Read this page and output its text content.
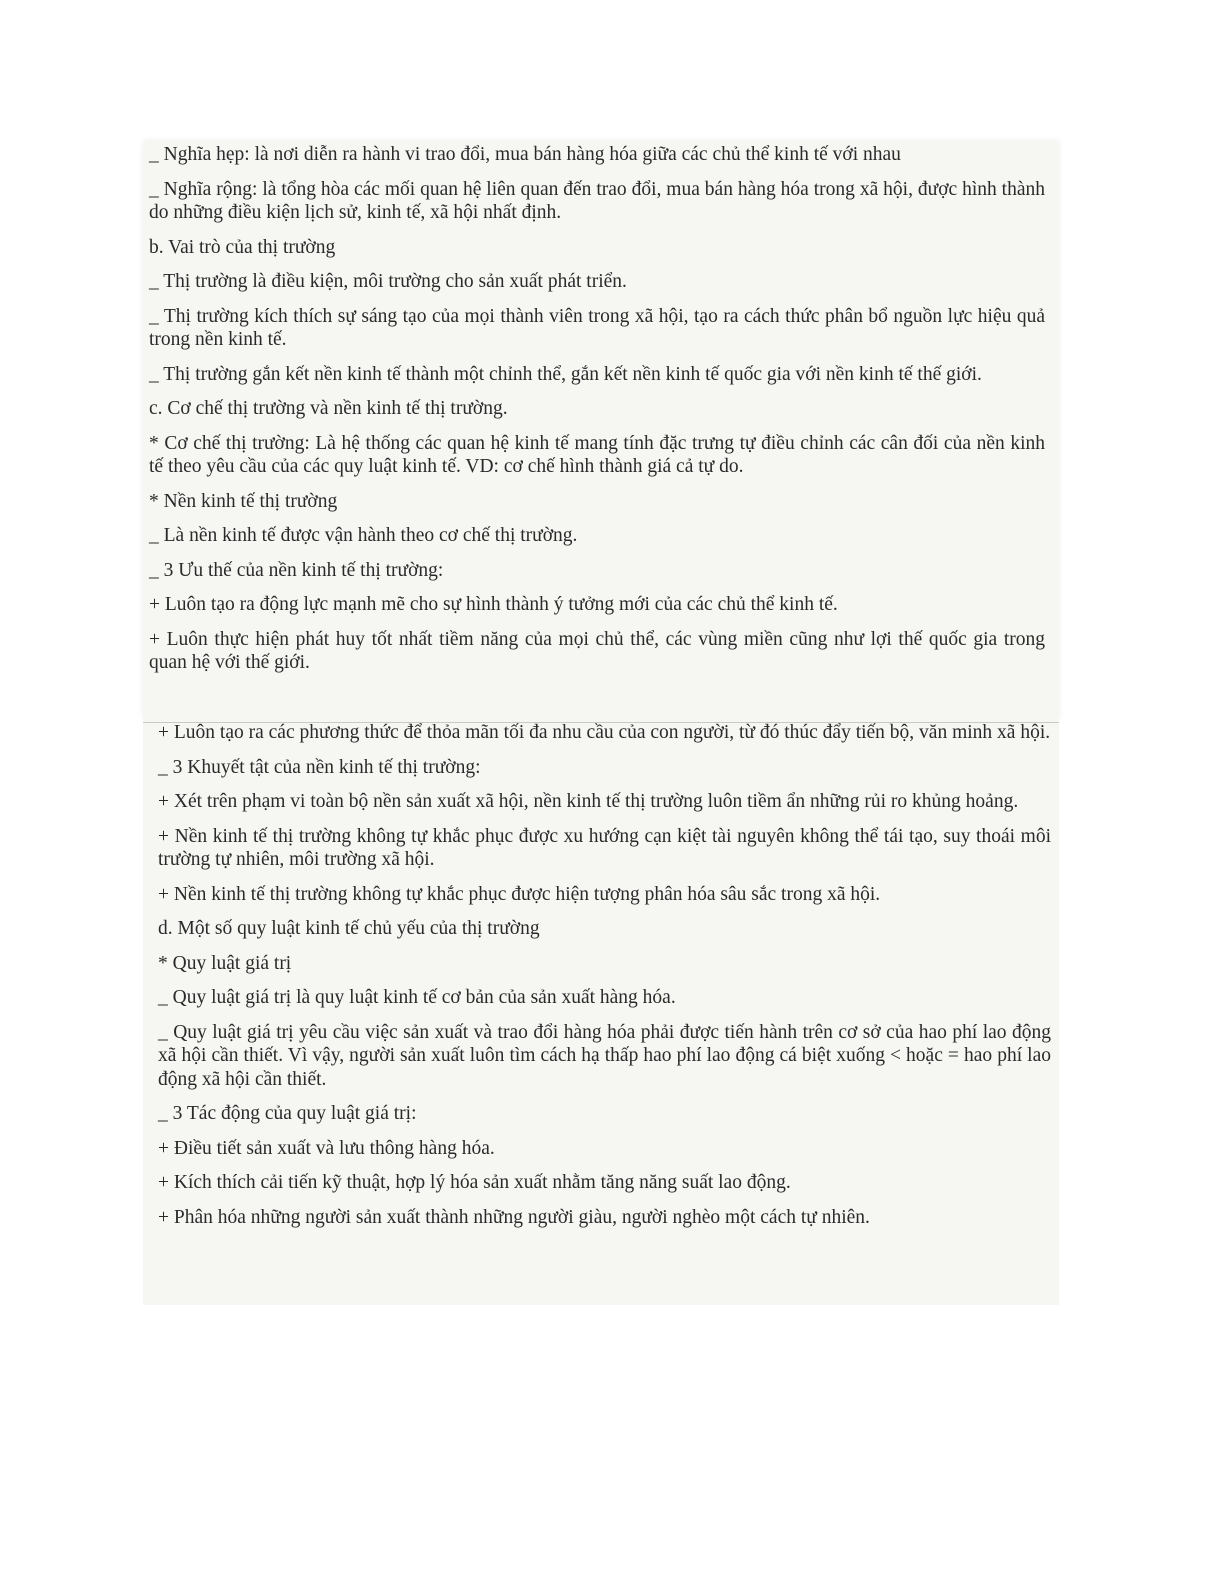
_ Nghĩa hẹp: là nơi diễn ra hành vi trao đổi, mua bán hàng hóa giữa các chủ thể kinh tế với nhau

_ Nghĩa rộng: là tổng hòa các mối quan hệ liên quan đến trao đổi, mua bán hàng hóa trong xã hội, được hình thành do những điều kiện lịch sử, kinh tế, xã hội nhất định.

b. Vai trò của thị trường

_ Thị trường là điều kiện, môi trường cho sản xuất phát triển.

_ Thị trường kích thích sự sáng tạo của mọi thành viên trong xã hội, tạo ra cách thức phân bổ nguồn lực hiệu quả trong nền kinh tế.

_ Thị trường gắn kết nền kinh tế thành một chỉnh thể, gắn kết nền kinh tế quốc gia với nền kinh tế thế giới.

c. Cơ chế thị trường và nền kinh tế thị trường.

* Cơ chế thị trường: Là hệ thống các quan hệ kinh tế mang tính đặc trưng tự điều chỉnh các cân đối của nền kinh tế theo yêu cầu của các quy luật kinh tế. VD: cơ chế hình thành giá cả tự do.

* Nền kinh tế thị trường

_ Là nền kinh tế được vận hành theo cơ chế thị trường.

_ 3 Ưu thế của nền kinh tế thị trường:

+ Luôn tạo ra động lực mạnh mẽ cho sự hình thành ý tưởng mới của các chủ thể kinh tế.

+ Luôn thực hiện phát huy tốt nhất tiềm năng của mọi chủ thể, các vùng miền cũng như lợi thế quốc gia trong quan hệ với thế giới.

+ Luôn tạo ra các phương thức để thỏa mãn tối đa nhu cầu của con người, từ đó thúc đẩy tiến bộ, văn minh xã hội.

_ 3 Khuyết tật của nền kinh tế thị trường:

+ Xét trên phạm vi toàn bộ nền sản xuất xã hội, nền kinh tế thị trường luôn tiềm ẩn những rủi ro khủng hoảng.

+ Nền kinh tế thị trường không tự khắc phục được xu hướng cạn kiệt tài nguyên không thể tái tạo, suy thoái môi trường tự nhiên, môi trường xã hội.

+ Nền kinh tế thị trường không tự khắc phục được hiện tượng phân hóa sâu sắc trong xã hội.

d. Một số quy luật kinh tế chủ yếu của thị trường

* Quy luật giá trị

_ Quy luật giá trị là quy luật kinh tế cơ bản của sản xuất hàng hóa.

_ Quy luật giá trị yêu cầu việc sản xuất và trao đổi hàng hóa phải được tiến hành trên cơ sở của hao phí lao động xã hội cần thiết. Vì vậy, người sản xuất luôn tìm cách hạ thấp hao phí lao động cá biệt xuống < hoặc = hao phí lao động xã hội cần thiết.

_ 3 Tác động của quy luật giá trị:

+ Điều tiết sản xuất và lưu thông hàng hóa.

+ Kích thích cải tiến kỹ thuật, hợp lý hóa sản xuất nhằm tăng năng suất lao động.

+ Phân hóa những người sản xuất thành những người giàu, người nghèo một cách tự nhiên.
